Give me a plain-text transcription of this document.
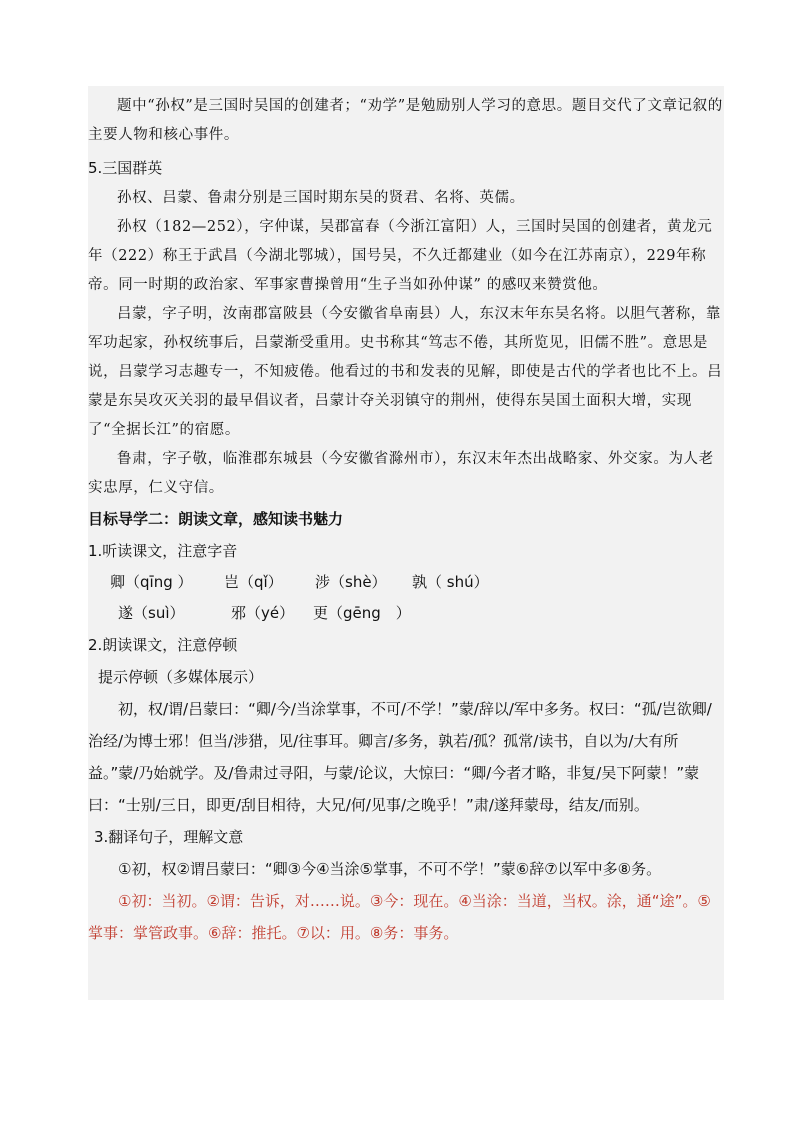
题中“孙权”是三国时吴国的创建者；“劝学”是勉励别人学习的意思。题目交代了文章记叙的主要人物和核心事件。

5.三国群英

孙权、吕蒙、鲁肃分别是三国时期东吴的贤君、名将、英儒。

孙权（182—252），字仲谋，吴郡富春（今浙江富阳）人，三国时吴国的创建者，黄龙元年（222）称王于武昌（今湖北鄂城），国号吴，不久迁都建业（如今在江苏南京），229年称帝。同一时期的政治家、军事家曹操曾用“生子当如孙仲谋” 的感叹来赞赏他。

吕蒙，字子明，汝南郡富陂县（今安徽省阜南县）人，东汉末年东吴名将。以胆气著称，靠军功起家，孙权统事后，吕蒙渐受重用。史书称其“笃志不倦，其所览见，旧儒不胜”。意思是说，吕蒙学习志趣专一，不知疲倦。他看过的书和发表的见解，即使是古代的学者也比不上。吕蒙是东吴攻灭关羽的最早倡议者，吕蒙计夺关羽镇守的荆州，使得东吴国土面积大增，实现了“全据长江”的宿愿。

鲁肃，字子敬，临淮郡东城县（今安徽省滁州市），东汉末年杰出战略家、外交家。为人老实忠厚，仁义守信。

目标导学二：朗读文章，感知读书魅力

1.听读课文，注意字音

卿（qīng ） 岂（qǐ） 涉（shè） 孰（ shú）

遂（suì）	邪（yé） 更（gēng　）

2.朗读课文，注意停顿

提示停顿（多媒体展示）

初，权/谓/吕蒙曰：“卿/今/当涂掌事，不可/不学！”蒙/辞以/军中多务。权曰：“孤/岂欲卿/治经/为博士邪！但当/涉猎，见/往事耳。卿言/多务，孰若/孤？孤常/读书，自以为/大有所益。”蒙/乃始就学。及/鲁肃过寻阳，与蒙/论议，大惊曰：“卿/今者才略，非复/吴下阿蒙！”蒙曰：“士别/三日，即更/刮目相待，大兄/何/见事/之晚乎！”肃/遂拜蒙母，结友/而别。

3.翻译句子，理解文意

①初，权②谓吕蒙曰：“卿③今④当涂⑤掌事，不可不学！”蒙⑥辞⑦以军中多⑧务。

①初：当初。②谓：告诉，对……说。③今：现在。④当涂：当道，当权。涂，通“途”。⑤掌事：掌管政事。⑥辞：推托。⑦以：用。⑧务：事务。
